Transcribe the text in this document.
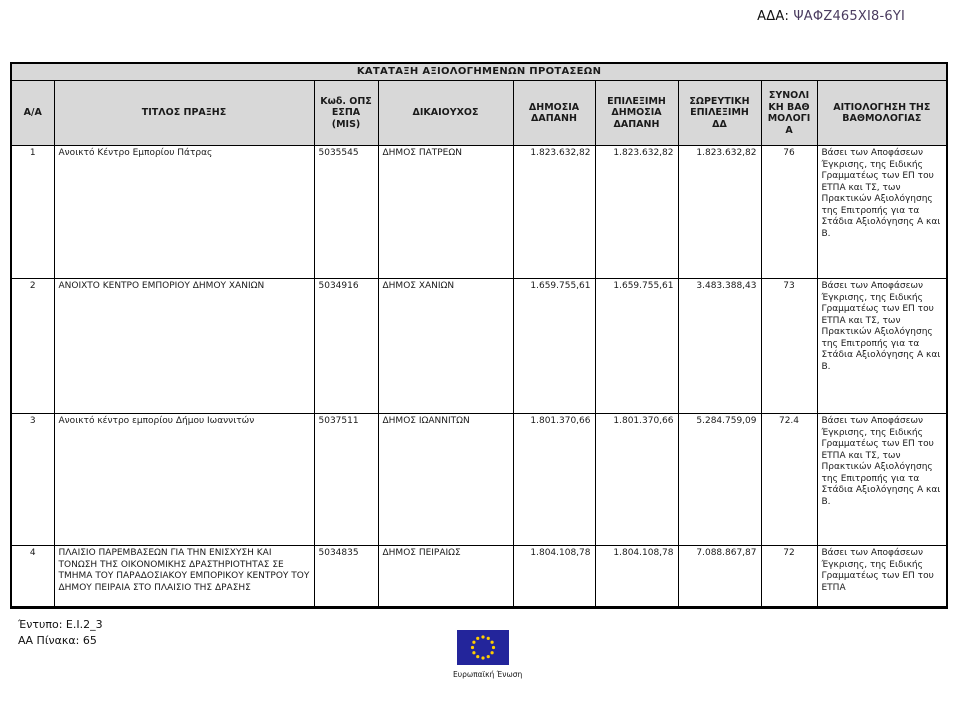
ΑΔΑ: ΨΑΦΖ465ΧΙ8-6ΥΙ
ΚΑΤΑΤΑΞΗ ΑΞΙΟΛΟΓΗΜΕΝΩΝ ΠΡΟΤΑΣΕΩΝ								
Α/Α	ΤΙΤΛΟΣ ΠΡΑΞΗΣ	Κωδ. ΟΠΣ ΕΣΠΑ (MIS)	ΔΙΚΑΙΟΥΧΟΣ	ΔΗΜΟΣΙΑ ΔΑΠΑΝΗ	ΕΠΙΛΕΞΙΜΗ ΔΗΜΟΣΙΑ ΔΑΠΑΝΗ	ΣΩΡΕΥΤΙΚΗ ΕΠΙΛΕΞΙΜΗ ΔΔ	ΣΥΝΟΛΙΚΗ ΒΑΘΜΟΛΟΓΙΑ	ΑΙΤΙΟΛΟΓΗΣΗ ΤΗΣ ΒΑΘΜΟΛΟΓΙΑΣ
1	Ανοικτό Κέντρο Εμπορίου Πάτρας	5035545	ΔΗΜΟΣ ΠΑΤΡΕΩΝ	1.823.632,82	1.823.632,82	1.823.632,82	76	Βάσει των Αποφάσεων Έγκρισης, της Ειδικής Γραμματέως των ΕΠ του ΕΤΠΑ και ΤΣ, των Πρακτικών Αξιολόγησης της Επιτροπής για τα Στάδια Αξιολόγησης Α και Β.
2	ΑΝΟΙΧΤΟ ΚΕΝΤΡΟ ΕΜΠΟΡΙΟΥ ΔΗΜΟΥ ΧΑΝΙΩΝ	5034916	ΔΗΜΟΣ ΧΑΝΙΩΝ	1.659.755,61	1.659.755,61	3.483.388,43	73	Βάσει των Αποφάσεων Έγκρισης, της Ειδικής Γραμματέως των ΕΠ του ΕΤΠΑ και ΤΣ, των Πρακτικών Αξιολόγησης της Επιτροπής για τα Στάδια Αξιολόγησης Α και Β.
3	Ανοικτό κέντρο εμπορίου Δήμου Ιωαννιτών	5037511	ΔΗΜΟΣ ΙΩΑΝΝΙΤΩΝ	1.801.370,66	1.801.370,66	5.284.759,09	72.4	Βάσει των Αποφάσεων Έγκρισης, της Ειδικής Γραμματέως των ΕΠ του ΕΤΠΑ και ΤΣ, των Πρακτικών Αξιολόγησης της Επιτροπής για τα Στάδια Αξιολόγησης Α και Β.
4	ΠΛΑΙΣΙΟ ΠΑΡΕΜΒΑΣΕΩΝ ΓΙΑ ΤΗΝ ΕΝΙΣΧΥΣΗ ΚΑΙ ΤΟΝΩΣΗ ΤΗΣ ΟΙΚΟΝΟΜΙΚΗΣ ΔΡΑΣΤΗΡΙΟΤΗΤΑΣ ΣΕ ΤΜΗΜΑ ΤΟΥ ΠΑΡΑΔΟΣΙΑΚΟΥ ΕΜΠΟΡΙΚΟΥ ΚΕΝΤΡΟΥ ΤΟΥ ΔΗΜΟΥ ΠΕΙΡΑΙΑ ΣΤΟ ΠΛΑΙΣΙΟ ΤΗΣ ΔΡΑΣΗΣ	5034835	ΔΗΜΟΣ ΠΕΙΡΑΙΩΣ	1.804.108,78	1.804.108,78	7.088.867,87	72	Βάσει των Αποφάσεων Έγκρισης, της Ειδικής Γραμματέως των ΕΠ του ΕΤΠΑ
Έντυπο: Ε.Ι.2_3
ΑΑ Πίνακα: 65
Ευρωπαϊκή Ένωση
